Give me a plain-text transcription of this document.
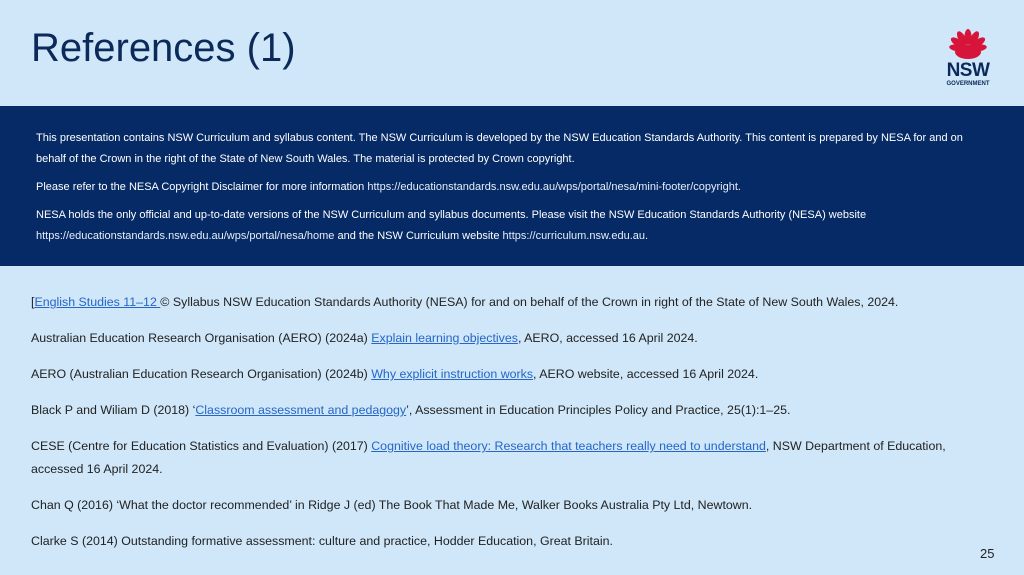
References (1)
NSW
GOVERNMENT

This presentation contains NSW Curriculum and syllabus content. The NSW Curriculum is developed by the NSW Education Standards Authority. This content is prepared by NESA for and on behalf of the Crown in the right of the State of New South Wales. The material is protected by Crown copyright.

Please refer to the NESA Copyright Disclaimer for more information https://educationstandards.nsw.edu.au/wps/portal/nesa/mini-footer/copyright.

NESA holds the only official and up-to-date versions of the NSW Curriculum and syllabus documents. Please visit the NSW Education Standards Authority (NESA) website https://educationstandards.nsw.edu.au/wps/portal/nesa/home and the NSW Curriculum website https://curriculum.nsw.edu.au.

[English Studies 11–12 © Syllabus NSW Education Standards Authority (NESA) for and on behalf of the Crown in right of the State of New South Wales, 2024.

Australian Education Research Organisation (AERO) (2024a) Explain learning objectives, AERO, accessed 16 April 2024.

AERO (Australian Education Research Organisation) (2024b) Why explicit instruction works, AERO website, accessed 16 April 2024.

Black P and Wiliam D (2018) ‘Classroom assessment and pedagogy’, Assessment in Education Principles Policy and Practice, 25(1):1–25.

CESE (Centre for Education Statistics and Evaluation) (2017) Cognitive load theory: Research that teachers really need to understand, NSW Department of Education, accessed 16 April 2024.

Chan Q (2016) ‘What the doctor recommended’ in Ridge J (ed) The Book That Made Me, Walker Books Australia Pty Ltd, Newtown.

Clarke S (2014) Outstanding formative assessment: culture and practice, Hodder Education, Great Britain.

25
